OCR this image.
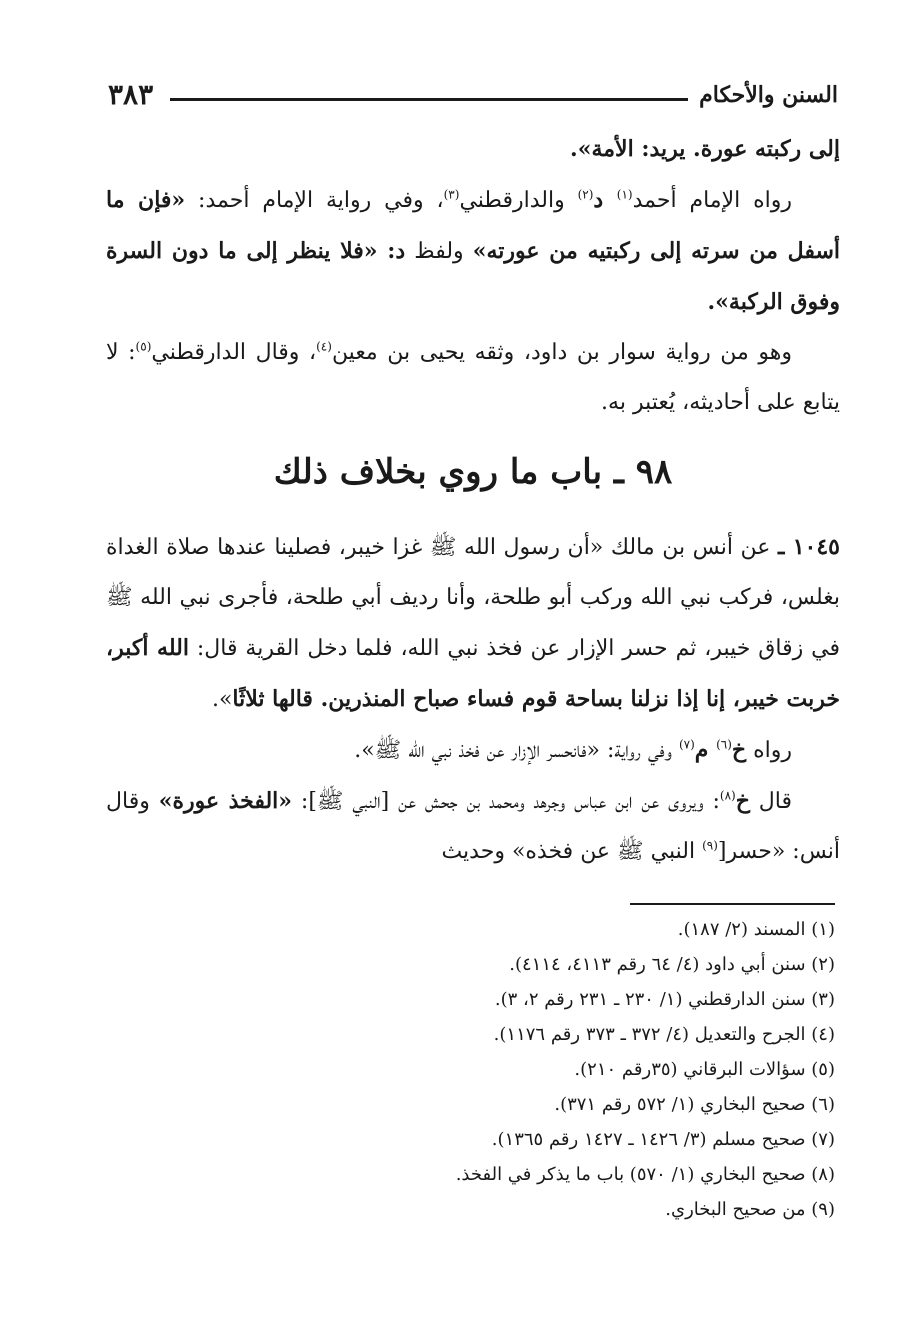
السنن والأحكام
٣٨٣

إلى ركبته عورة. يريد: الأمة».

رواه الإمام أحمد$^{(١)}$ د$^{(٢)}$ والدارقطني$^{(٣)}$، وفي رواية الإمام أحمد: «فإن ما أسفل من سرته إلى ركبتيه من عورته» ولفظ د: «فلا ينظر إلى ما دون السرة وفوق الركبة».

وهو من رواية سوار بن داود، وثقه يحيى بن معين$^{(٤)}$، وقال الدارقطني$^{(٥)}$: لا يتابع على أحاديثه، يُعتبر به.

٩٨ ـ باب ما روي بخلاف ذلك

١٠٤٥ ـ عن أنس بن مالك «أن رسول الله ﷺ غزا خيبر، فصلينا عندها صلاة الغداة بغلس، فركب نبي الله وركب أبو طلحة، وأنا رديف أبي طلحة، فأجرى نبي الله ﷺ في زقاق خيبر، ثم حسر الإزار عن فخذ نبي الله، فلما دخل القرية قال: الله أكبر، خربت خيبر، إنا إذا نزلنا بساحة قوم فساء صباح المنذرين. قالها ثلاثًا».

رواه خ$^{(٦)}$ م$^{(٧)}$ وفي رواية: «فانحسر الإزار عن فخذ نبي الله ﷺ».

قال خ$^{(٨)}$: ويروى عن ابن عباس وجرهد ومحمد بن جحش عن [النبي ﷺ]: «الفخذ عورة» وقال أنس: «حسر[$^{(٩)}$ النبي ﷺ عن فخذه» وحديث

(١) المسند (٢/ ١٨٧).
(٢) سنن أبي داود (٤/ ٦٤ رقم ٤١١٣، ٤١١٤).
(٣) سنن الدارقطني (١/ ٢٣٠ ـ ٢٣١ رقم ٢، ٣).
(٤) الجرح والتعديل (٤/ ٣٧٢ ـ ٣٧٣ رقم ١١٧٦).
(٥) سؤالات البرقاني (٣٥رقم ٢١٠).
(٦) صحيح البخاري (١/ ٥٧٢ رقم ٣٧١).
(٧) صحيح مسلم (٣/ ١٤٢٦ ـ ١٤٢٧ رقم ١٣٦٥).
(٨) صحيح البخاري (١/ ٥٧٠) باب ما يذكر في الفخذ.
(٩) من صحيح البخاري.
